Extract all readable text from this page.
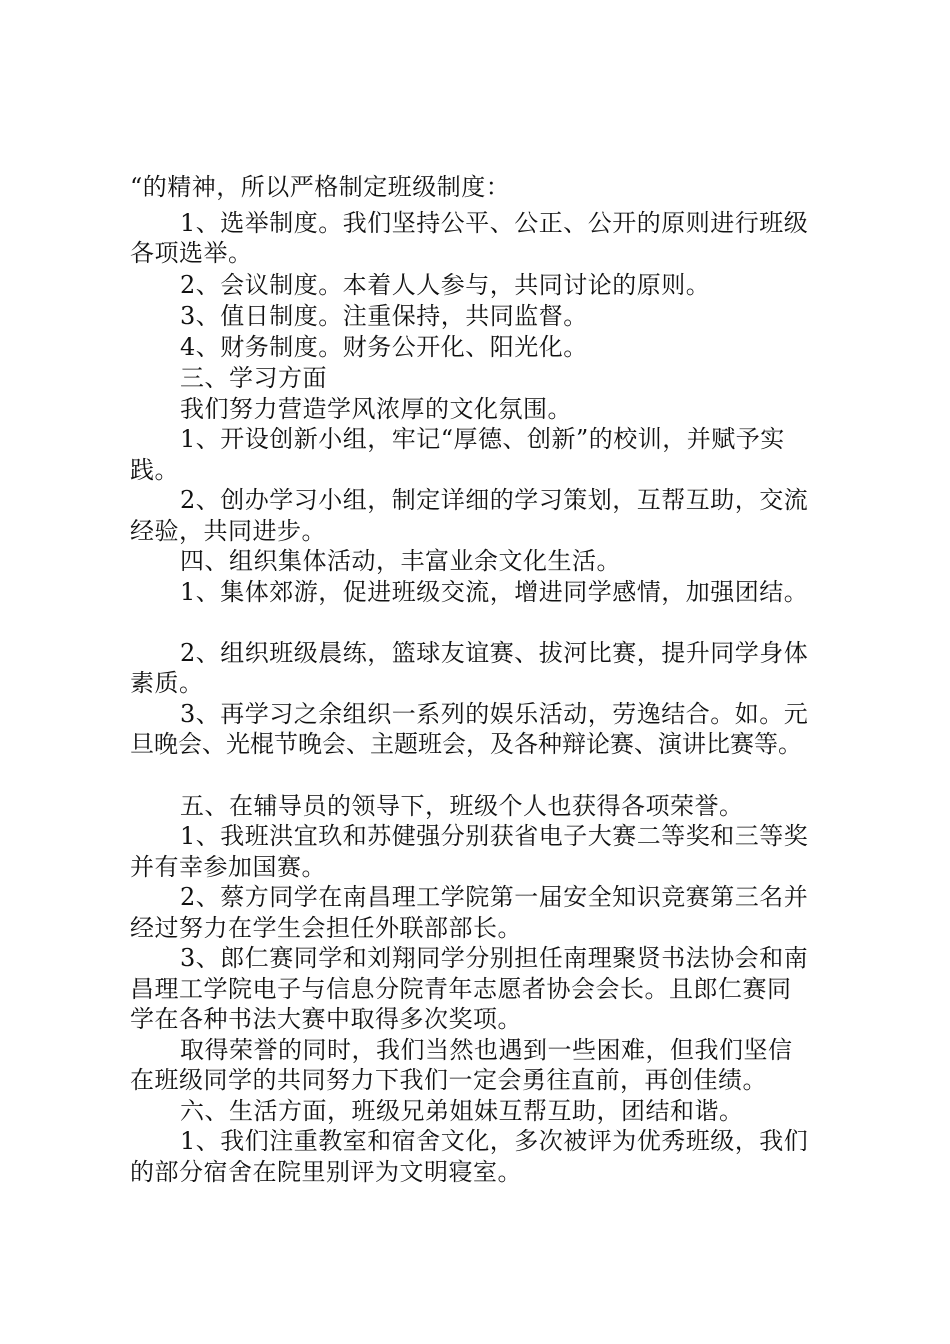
“的精神，所以严格制定班级制度：
1、选举制度。我们坚持公平、公正、公开的原则进行班级
各项选举。
2、会议制度。本着人人参与，共同讨论的原则。
3、值日制度。注重保持，共同监督。
4、财务制度。财务公开化、阳光化。
三、学习方面
我们努力营造学风浓厚的文化氛围。
1、开设创新小组，牢记“厚德、创新”的校训，并赋予实
践。
2、创办学习小组，制定详细的学习策划，互帮互助，交流
经验，共同进步。
四、组织集体活动，丰富业余文化生活。
1、集体郊游，促进班级交流，增进同学感情，加强团结。
2、组织班级晨练，篮球友谊赛、拔河比赛，提升同学身体
素质。
3、再学习之余组织一系列的娱乐活动，劳逸结合。如。元
旦晚会、光棍节晚会、主题班会，及各种辩论赛、演讲比赛等。
五、在辅导员的领导下，班级个人也获得各项荣誉。
1、我班洪宜玖和苏健强分别获省电子大赛二等奖和三等奖
并有幸参加国赛。
2、蔡方同学在南昌理工学院第一届安全知识竞赛第三名并
经过努力在学生会担任外联部部长。
3、郎仁赛同学和刘翔同学分别担任南理聚贤书法协会和南
昌理工学院电子与信息分院青年志愿者协会会长。且郎仁赛同
学在各种书法大赛中取得多次奖项。
取得荣誉的同时，我们当然也遇到一些困难，但我们坚信
在班级同学的共同努力下我们一定会勇往直前，再创佳绩。
六、生活方面，班级兄弟姐妹互帮互助，团结和谐。
1、我们注重教室和宿舍文化，多次被评为优秀班级，我们
的部分宿舍在院里别评为文明寝室。
